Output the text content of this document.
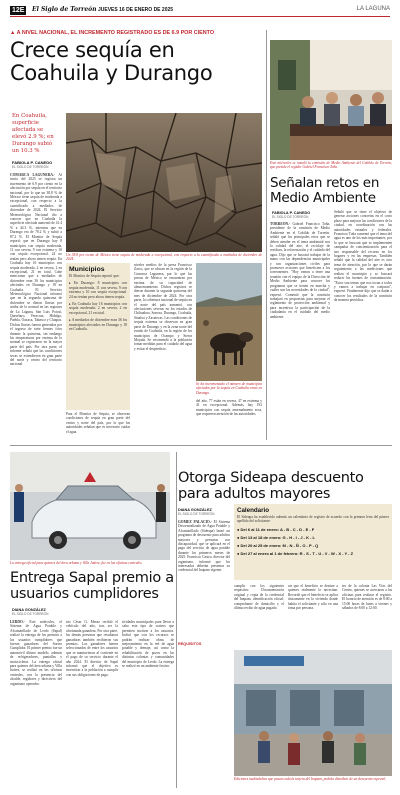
12E	El Siglo de Torreón JUEVES 16 DE ENERO DE 2025	LA LAGUNA
▲ A NIVEL NACIONAL, EL INCREMENTO REGISTRADO ES DE 6.9 POR CIENTO
Crece sequía en Coahuila y Durango
En Coahuila, superficie afectada se elevó 2.9 %; en Durango subió un 10.3 %
FABIOLA P. CANEDO
EL SIGLO DE TORREÓN
COMARCA LAGUNERA.- Al inicio del 2025 se registra un incremento de 6.9 por ciento en la afectación por sequía en el territorio nacional, por lo que un 38.8 % de México tiene sequía de moderada a excepcional, con respecto a la cuantificada a mediados de diciembre de 2024. El Servicio Meteorológico Nacional dio a conocer que en Coahuila la superficie afectada aumentó de 41.4 % a 44.3 %, mientras que en Durango era de 78.2 % y subió a 87.2 %. El Monitor de Sequía reportó que en Durango hay 8 municipios con sequía moderada, 11 con severa, 9 con extrema y 10 con sequía excepcional. 24 no tenían pero ahora tienen sequía. En Coahuila hay 16 municipios con sequía moderada, 2 en severa, 2 en excepcional, 21 en total. Cabe mencionar que a mediados de diciembre eran 36 los municipios afectados en Durango y 18 en Coahuila. El Servicio Meteorológico Nacional informó que en la segunda quincena de diciembre se dieron lluvias por arriba de lo normal en las regiones de La Laguna, San Luis Potosí, Querétaro, Veracruz, Hidalgo, Puebla, Oaxaca, Tabasco y Chiapas. Dichas lluvias fueron generadas por el ingreso de siete frentes fríos durante la quincena, sin embargo las temperaturas por encima de lo normal se registraron en la mayor parte del país. Por otra parte, el informe señala que las condiciones secas se extendieron en gran parte del norte y centro del territorio nacional.
Un 38.8 por ciento de México tiene sequía de moderada a excepcional, con respecto a la cuantificada a mediados de diciembre de 2024.
Municipios
El Monitor de Sequía reportó que:
▸ En Durango: 8 municipios con sequía moderada, 11 con severa, 9 con extrema y 10 con sequía excepcional. 24 no tenían pero ahora tienen sequía.
▸ En Coahuila hay 16 municipios con sequía moderada, 2 en severa, 2 en excepcional, 21 en total.
▸ A mediados de diciembre eran 36 los municipios afectados en Durango y 18 en Coahuila.
Para el Monitor de Sequía, se observan condiciones de sequía en gran parte del centro y norte del país, por lo que las autoridades señalan que es necesario cuidar el agua.
niveles medios de la presa Francisco Zarco, que se ubican en la región de la Comarca Lagunera, por lo que las presas de México se encuentran por encima de su capacidad de almacenamiento. Dichos registros se dieron durante la segunda quincena del mes de diciembre de 2024. Por otra parte, la cobertura nacional de sequía en el norte del país aumentó, con afectaciones severas en los estados de Chihuahua, Sonora, Durango, Coahuila, Sinaloa y Zacatecas. Las condiciones de sequía extrema se observan en gran parte de Durango y en la zona norte del estado de Coahuila, en la región de los municipios de Ocampo y Sierra Mojada. Se recomendó a la población tomar medidas para el cuidado del agua y evitar el desperdicio.
Se ha incrementado el número de municipios afectados por la sequía en Coahuila como en Durango.
del año, 77 están en severa, 47 en extrema y 41 en excepcional. Además, hay 192 municipios con sequía anormalmente seca, que requieren atención de las autoridades.
Este miércoles se instaló la comisión de Medio Ambiente del Cabildo de Torreón, que preside el regidor Gabriel Francisco Toña.
Señalan retos en Medio Ambiente
FABIOLA P. CANEDO
EL SIGLO DE TORREÓN
TORREÓN.- Gabriel Francisco Toña, presidente de la comisión de Medio Ambiente en el Cabildo de Torreón, señaló que los principales retos que se deben atender en el tema ambiental son la calidad del aire, el reciclaje de residuos, la reforestación y el cuidado del agua. Dijo que se buscará trabajar de la mano con las dependencias municipales y con organizaciones civiles para promover acciones que beneficien a los torreonenses. "Hoy vamos a tener una reunión con el equipo de la Dirección de Medio Ambiente para conocer los programas que se tienen en marcha y cuáles son las necesidades de la ciudad", expresó. Comentó que la comisión trabajará en propuestas para mejorar el reglamento de protección ambiental y para incentivar la participación de la ciudadanía en el cuidado del medio ambiente.
Señaló que se tiene el objetivo de generar acciones concretas en el corto plazo para mejorar las condiciones de la ciudad, en coordinación con las autoridades estatales y federales. Francisco Toña comentó que el tema del agua es uno de los más importantes, por lo que se buscará que se implementen campañas de concientización para el uso responsable del recurso en los hogares y en las empresas. También señaló que la calidad del aire es otro tema de atención, por lo que se darán seguimiento a las mediciones que realiza el municipio y se buscará reducir las fuentes de contaminación. "Estos son temas que nos tocan a todos y vamos a trabajar en conjunto", expresó. Finalmente dijo que se darán a conocer los resultados de la comisión de manera periódica.
La entrega oficial para quienes del área urbana y Villa Juárez, fue en las oficinas centrales.
Entrega Sapal premio a usuarios cumplidores
DIANA GONZÁLEZ
EL SIGLO DE TORREÓN
LERDO.- Este miércoles, el Sistema de Agua Potable y Alcantarillado de Lerdo (Sapal) realizó la entrega de los premios a los usuarios cumplidores que fueron ganadores del Sorteo Cumplidor. El primer premio fue un automóvil último modelo, además de refrigeradores, pantallas y motocicletas. La entrega oficial para quienes del área urbana y Villa Juárez, se realizó en las oficinas centrales, con la presencia del alcalde, regidores y directivos del organismo operador.
nio César G. Meraz recibió el vehículo del año, tras ser la afortunada ganadora. Por otra parte, las demás personas que resultaron ganadoras también recibieron sus premios. Los ganadores fueron seleccionados de entre los usuarios que se mantuvieron al corriente en el pago de su servicio durante el año 2024. El director de Sapal informó que el objetivo es incentivar a la población a cumplir con sus obligaciones de pago.
tividades municipales para llevar a cabo este tipo de sorteos que permiten motivar a los usuarios. Indicó que con los recursos se podrán realizar obras de mejoramiento en la red de agua potable y drenaje, así como la rehabilitación de pozos en las distintas colonias y comunidades del municipio de Lerdo. La entrega se realizó en un ambiente festivo.
Otorga Sideapa descuento para adultos mayores
DIANA GONZÁLEZ
EL SIGLO DE TORREÓN
GÓMEZ PALACIO.- El Sistema Descentralizado de Agua Potable y Alcantarillado (Sideapa) lanzó un programa de descuento para adultos mayores y personas con discapacidad, que se aplicará en el pago del servicio de agua potable durante los primeros meses de 2025. Francisco Castro, director del organismo, informó que los interesados deberán presentar su credencial del Inapam vigente.
Calendario
El Sideapa ha establecido además un calendario de registro de acuerdo con la primera letra del primer apellido del solicitante:
● Del 6 al 11 de enero: A - B - C - D - E - F
● Del 13 al 18 de enero: G - H - I - J - K - L
● Del 20 al 25 de enero: M - N - Ñ - O - P - Q
● Del 27 al enero al 1 de febrero: R - S - T - U - V - W - X - Y - Z
cumplir con los siguientes requisitos: Documentación original y copia de la credencial del Inapam, identificación oficial, comprobante de domicilio y el último recibo de agua pagado.
rar que el beneficio se destine a quienes realmente lo necesitan. Recordó que el beneficio se aplica únicamente en la vivienda donde habita el solicitante y sólo en una toma por persona.
tes de la colonia Las Vías del Centro, quienes se acercaron a las oficinas para realizar el registro. El horario de atención es de 8:00 a 15:00 horas de lunes a viernes y sábados de 8:00 a 12:00.
REQUISITOS
Ediciones multiadultos que pasan cada la tarjeta del Inapam, podrán distribuir de un descuento especial.
